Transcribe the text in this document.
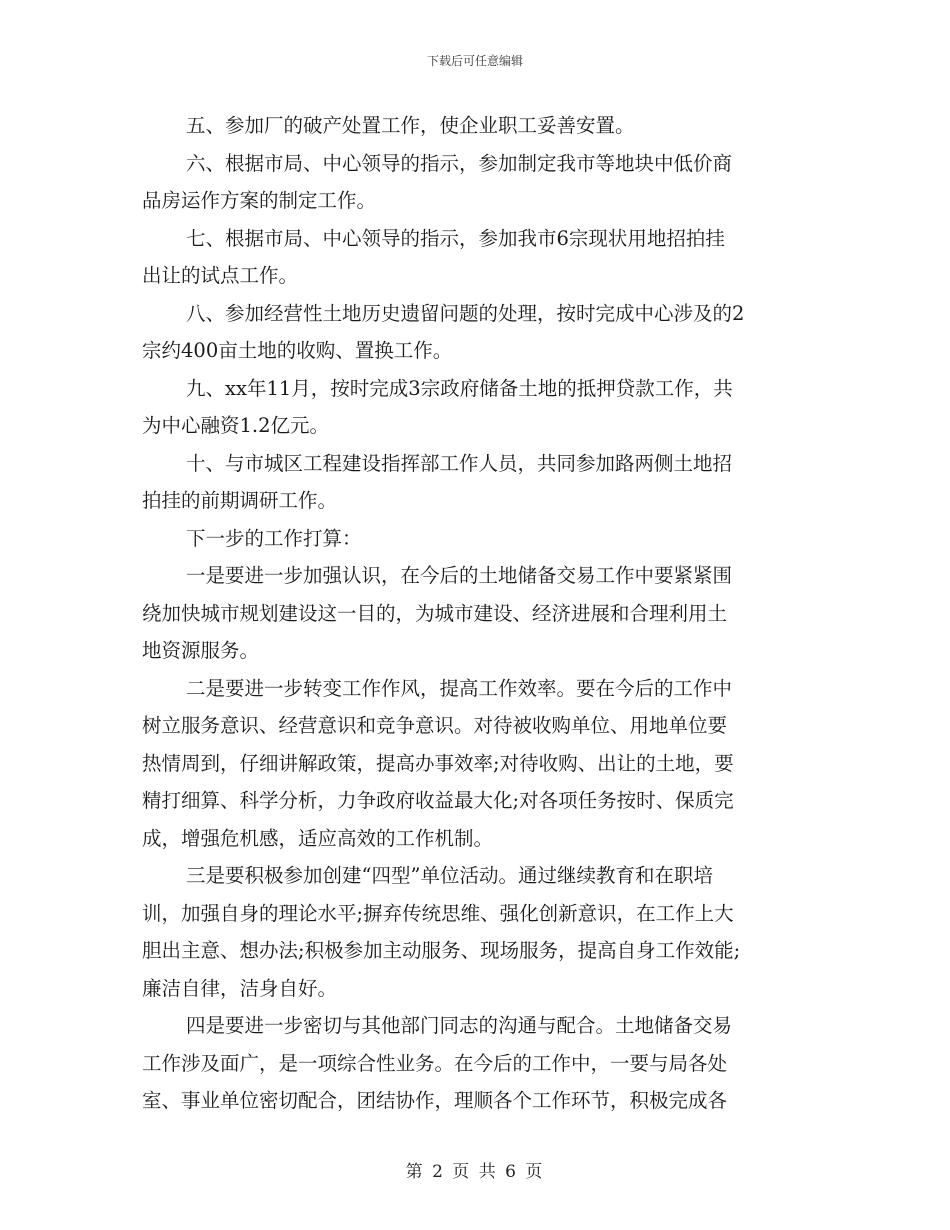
下载后可任意编辑
五、参加厂的破产处置工作，使企业职工妥善安置。
六、根据市局、中心领导的指示，参加制定我市等地块中低价商
品房运作方案的制定工作。
七、根据市局、中心领导的指示，参加我市6宗现状用地招拍挂
出让的试点工作。
八、参加经营性土地历史遗留问题的处理，按时完成中心涉及的2
宗约400亩土地的收购、置换工作。
九、xx年11月，按时完成3宗政府储备土地的抵押贷款工作，共
为中心融资1.2亿元。
十、与市城区工程建设指挥部工作人员，共同参加路两侧土地招
拍挂的前期调研工作。
下一步的工作打算：
一是要进一步加强认识，在今后的土地储备交易工作中要紧紧围
绕加快城市规划建设这一目的，为城市建设、经济进展和合理利用土
地资源服务。
二是要进一步转变工作作风，提高工作效率。要在今后的工作中
树立服务意识、经营意识和竞争意识。对待被收购单位、用地单位要
热情周到，仔细讲解政策，提高办事效率;对待收购、出让的土地，要
精打细算、科学分析，力争政府收益最大化;对各项任务按时、保质完
成，增强危机感，适应高效的工作机制。
三是要积极参加创建“四型”单位活动。通过继续教育和在职培
训，加强自身的理论水平;摒弃传统思维、强化创新意识，在工作上大
胆出主意、想办法;积极参加主动服务、现场服务，提高自身工作效能;
廉洁自律，洁身自好。
四是要进一步密切与其他部门同志的沟通与配合。土地储备交易
工作涉及面广，是一项综合性业务。在今后的工作中，一要与局各处
室、事业单位密切配合，团结协作，理顺各个工作环节，积极完成各
第 2 页 共 6 页
